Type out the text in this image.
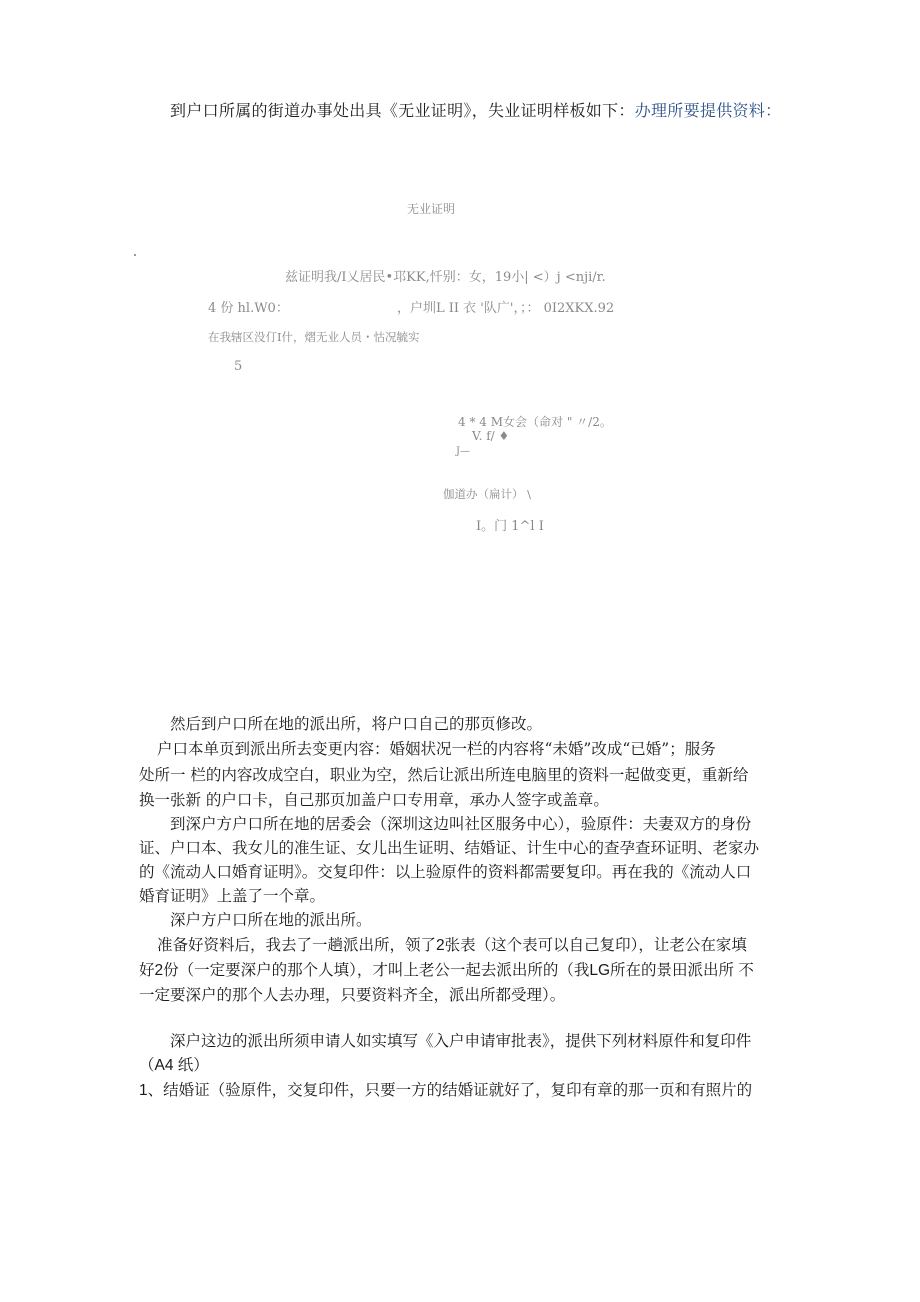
到户口所属的街道办事处出具《无业证明》，失业证明样板如下：办理所要提供资料：
无业证明
兹证明我/I乂居民•邛KK,忏别：女，19小| <）j <nji/r.
4 份 hl.W0：	，户圳L II 衣 '队广'，；： 0I2XKX.92
在我辖区没仃I什，熠无业人员・怙况毓实
5
4 * 4 M女会（命对 " 〃/2。
V. f/ ♦
J—
伽道办（扁计） \
I。门 1^l I
然后到户口所在地的派出所，将户口自己的那页修改。
户口本单页到派出所去变更内容：婚姻状况一栏的内容将“未婚”改成“已婚”；服务
处所一 栏的内容改成空白，职业为空，然后让派出所连电脑里的资料一起做变更，重新给
换一张新 的户口卡，自己那页加盖户口专用章，承办人签字或盖章。
到深户方户口所在地的居委会（深圳这边叫社区服务中心），验原件：夫妻双方的身份
证、户口本、我女儿的准生证、女儿出生证明、结婚证、计生中心的查孕查环证明、老家办
的《流动人口婚育证明》。交复印件：以上验原件的资料都需要复印。再在我的《流动人口
婚育证明》上盖了一个章。
深户方户口所在地的派出所。
准备好资料后，我去了一趟派出所，领了2张表（这个表可以自己复印），让老公在家填
好2份（一定要深户的那个人填），才叫上老公一起去派出所的（我LG所在的景田派出所 不
一定要深户的那个人去办理，只要资料齐全，派出所都受理）。
深户这边的派出所须申请人如实填写《入户申请审批表》，提供下列材料原件和复印件
（A4 纸）
1、结婚证（验原件，交复印件，只要一方的结婚证就好了，复印有章的那一页和有照片的
